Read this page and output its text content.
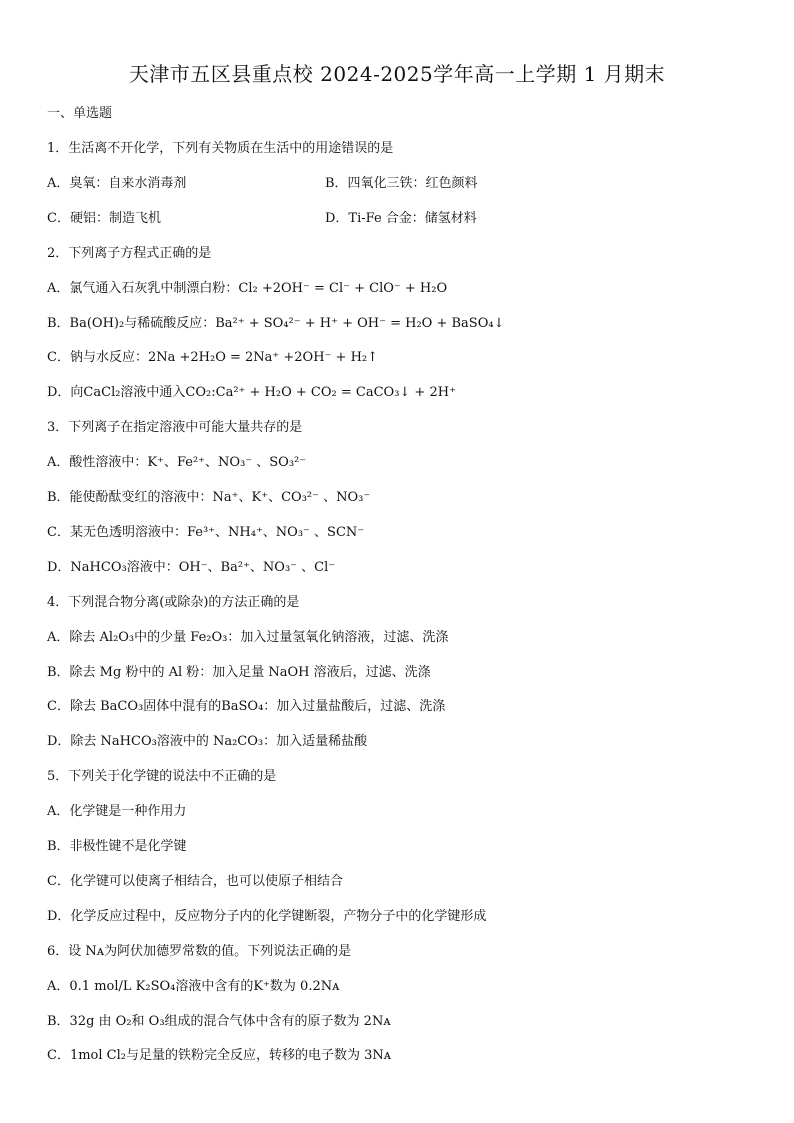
天津市五区县重点校 2024-2025学年高一上学期 1 月期末
一、单选题
1．生活离不开化学，下列有关物质在生活中的用途错误的是
A．臭氧：自来水消毒剂	B．四氧化三铁：红色颜料
C．硬铝：制造飞机	D．Ti-Fe 合金：储氢材料
2．下列离子方程式正确的是
A．氯气通入石灰乳中制漂白粉：Cl₂ +2OH⁻ = Cl⁻ + ClO⁻ + H₂O
B．Ba(OH)₂与稀硫酸反应：Ba²⁺ + SO₄²⁻ + H⁺ + OH⁻ = H₂O + BaSO₄↓
C．钠与水反应：2Na +2H₂O = 2Na⁺ +2OH⁻ + H₂↑
D．向CaCl₂溶液中通入CO₂:Ca²⁺ + H₂O + CO₂ = CaCO₃↓ + 2H⁺
3．下列离子在指定溶液中可能大量共存的是
A．酸性溶液中：K⁺、Fe²⁺、NO₃⁻ 、SO₃²⁻
B．能使酚酞变红的溶液中：Na⁺、K⁺、CO₃²⁻ 、NO₃⁻
C．某无色透明溶液中：Fe³⁺、NH₄⁺、NO₃⁻ 、SCN⁻
D．NaHCO₃溶液中：OH⁻、Ba²⁺、NO₃⁻ 、Cl⁻
4．下列混合物分离(或除杂)的方法正确的是
A．除去 Al₂O₃中的少量 Fe₂O₃：加入过量氢氧化钠溶液，过滤、洗涤
B．除去 Mg 粉中的 Al 粉：加入足量 NaOH 溶液后，过滤、洗涤
C．除去 BaCO₃固体中混有的BaSO₄：加入过量盐酸后，过滤、洗涤
D．除去 NaHCO₃溶液中的 Na₂CO₃：加入适量稀盐酸
5．下列关于化学键的说法中不正确的是
A．化学键是一种作用力
B．非极性键不是化学键
C．化学键可以使离子相结合，也可以使原子相结合
D．化学反应过程中，反应物分子内的化学键断裂，产物分子中的化学键形成
6．设 Nᴀ为阿伏加德罗常数的值。下列说法正确的是
A．0.1 mol/L K₂SO₄溶液中含有的K⁺数为 0.2Nᴀ
B．32g 由 O₂和 O₃组成的混合气体中含有的原子数为 2Nᴀ
C．1mol Cl₂与足量的铁粉完全反应，转移的电子数为 3Nᴀ
